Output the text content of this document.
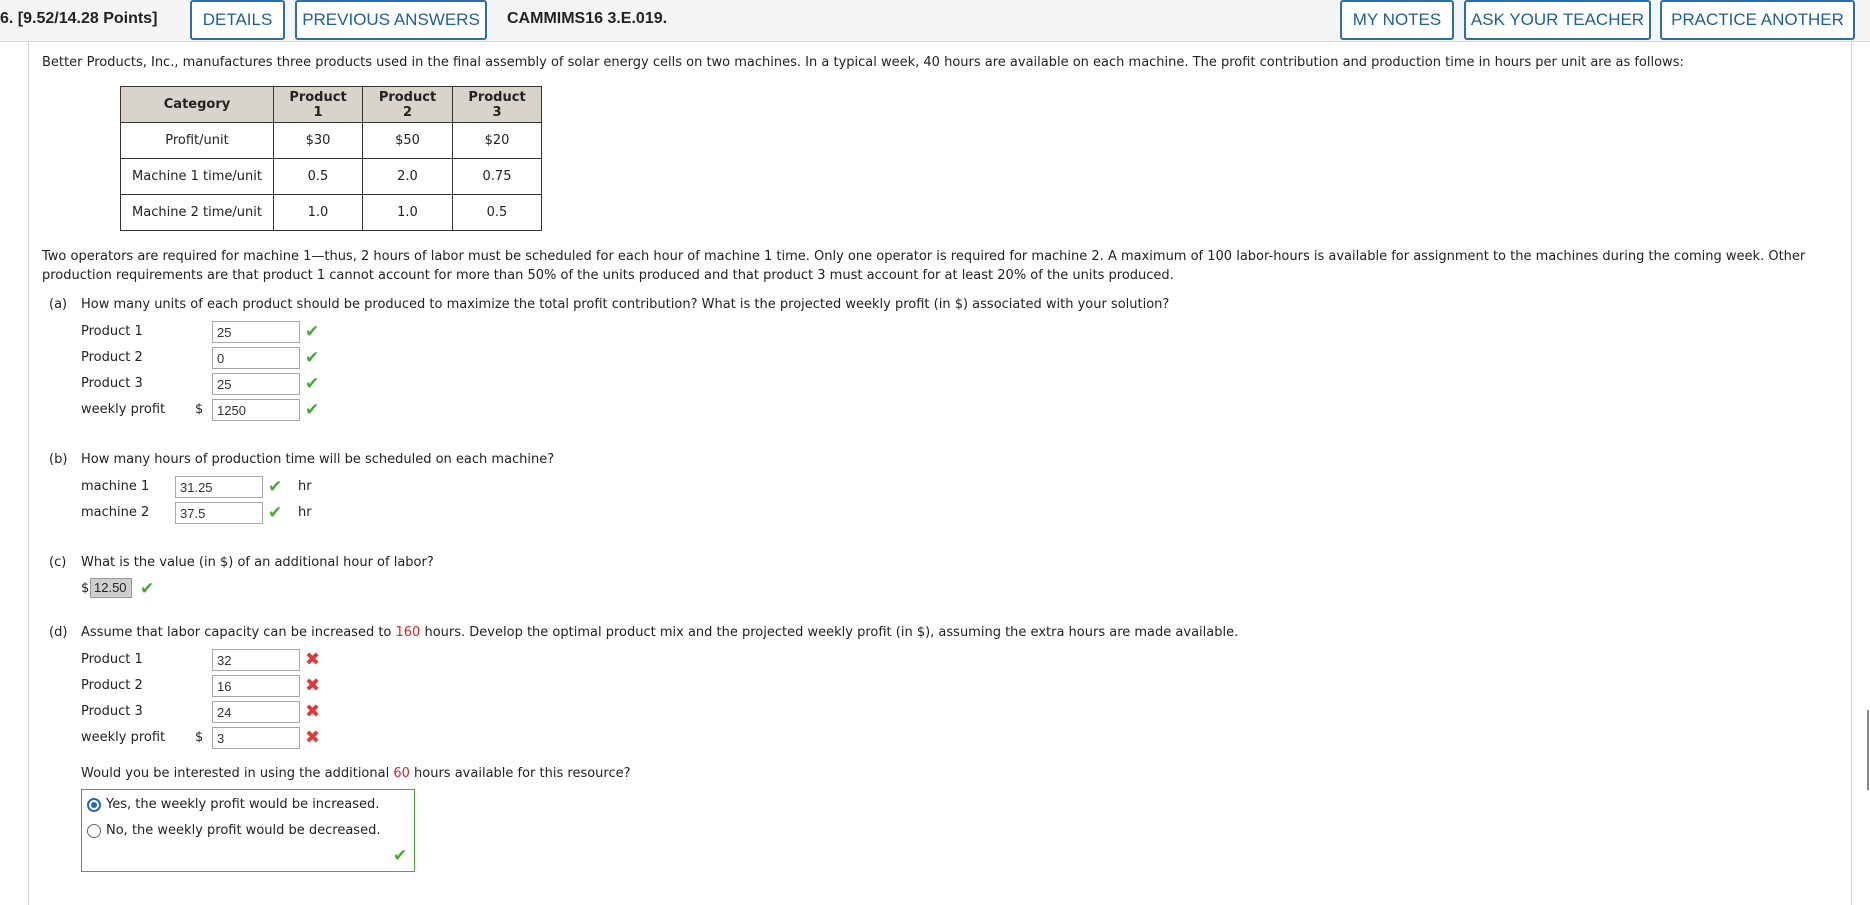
6. [9.52/14.28 Points]	DETAILS	PREVIOUS ANSWERS	CAMMIMS16 3.E.019.	MY NOTES	ASK YOUR TEACHER	PRACTICE ANOTHER
Better Products, Inc., manufactures three products used in the final assembly of solar energy cells on two machines. In a typical week, 40 hours are available on each machine. The profit contribution and production time in hours per unit are as follows:
Category	Product 1	Product 2	Product 3
Profit/unit	$30	$50	$20
Machine 1 time/unit	0.5	2.0	0.75
Machine 2 time/unit	1.0	1.0	0.5
Two operators are required for machine 1—thus, 2 hours of labor must be scheduled for each hour of machine 1 time. Only one operator is required for machine 2. A maximum of 100 labor-hours is available for assignment to the machines during the coming week. Other production requirements are that product 1 cannot account for more than 50% of the units produced and that product 3 must account for at least 20% of the units produced.
(a) How many units of each product should be produced to maximize the total profit contribution? What is the projected weekly profit (in $) associated with your solution?
Product 1
25	✔
Product 2
0	✔
Product 3
25	✔
weekly profit $
1250	✔
(b) How many hours of production time will be scheduled on each machine?
machine 1
31.25	✔ hr
machine 2
37.5	✔ hr
(c) What is the value (in $) of an additional hour of labor?
$ 12.50 ✔
(d) Assume that labor capacity can be increased to 160 hours. Develop the optimal product mix and the projected weekly profit (in $), assuming the extra hours are made available.
Product 1
32	✖
Product 2
16	✖
Product 3
24	✖
weekly profit $
3	✖
Would you be interested in using the additional 60 hours available for this resource?
Yes, the weekly profit would be increased.
No, the weekly profit would be decreased.
✔
